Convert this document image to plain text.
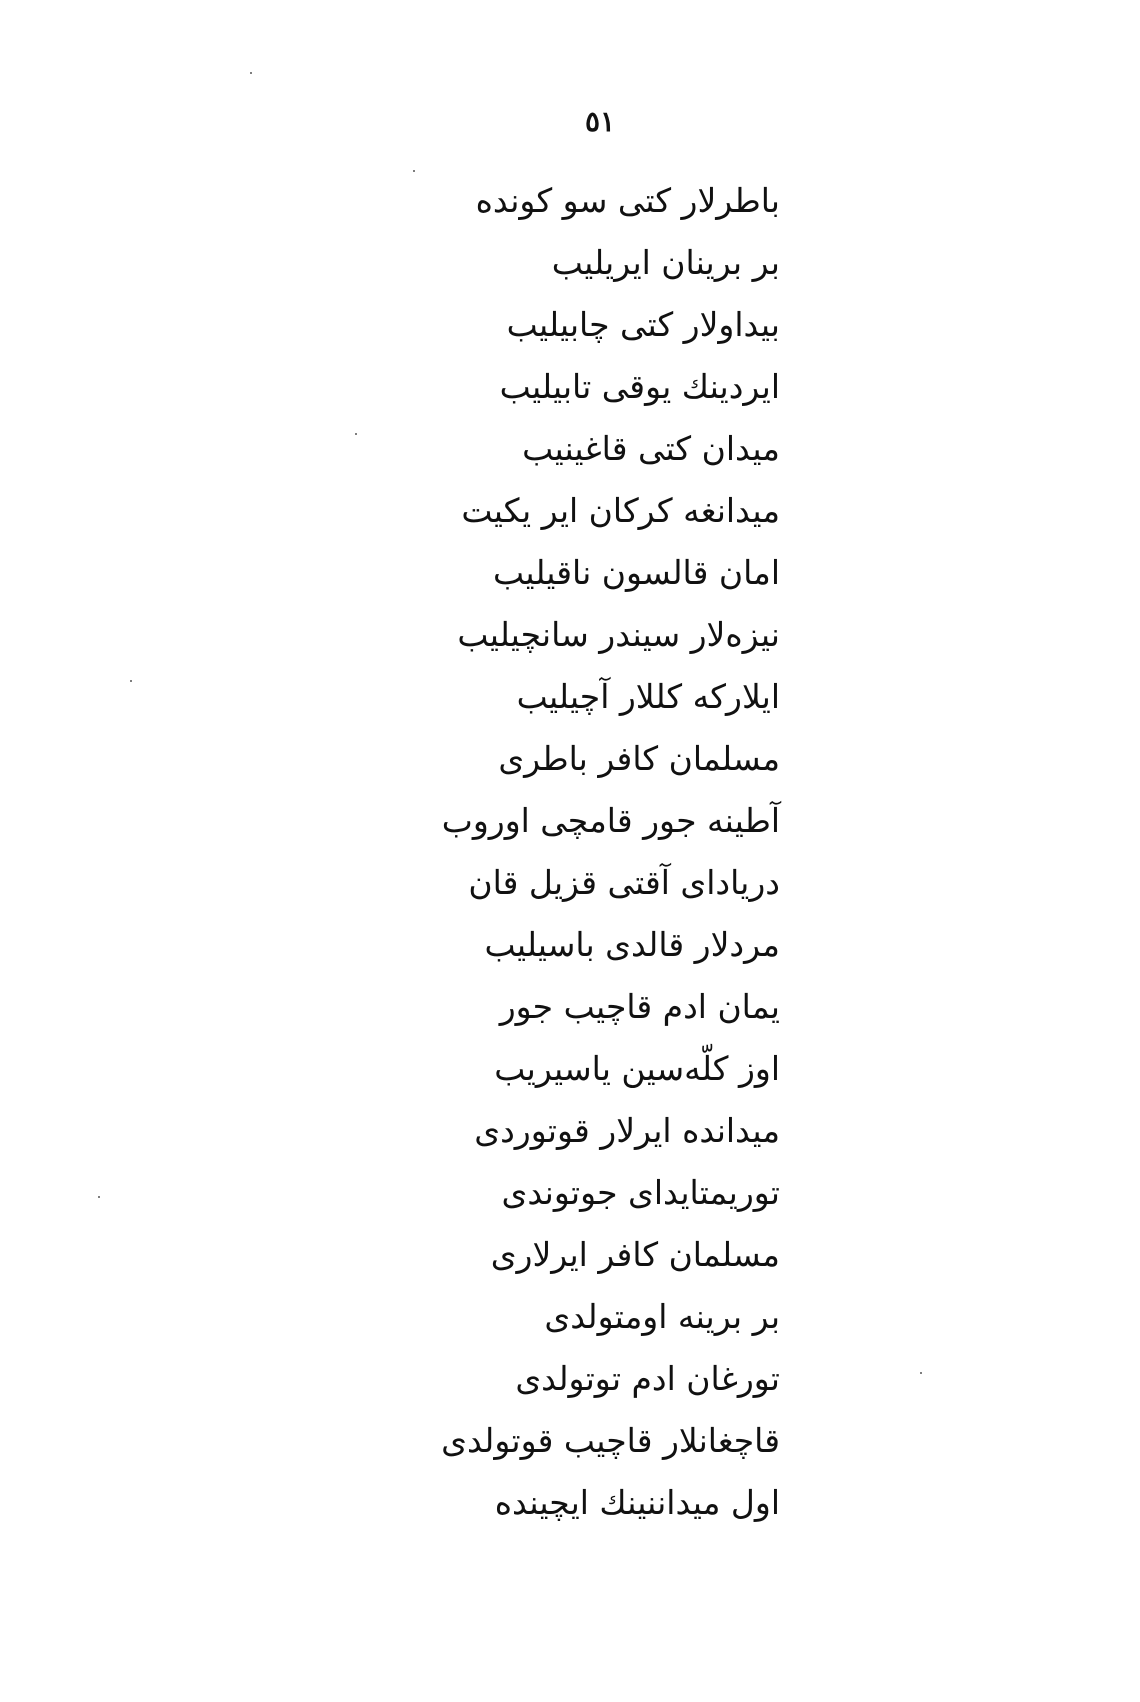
٥١
باطرلار کتی سو کونده
بر برینان ایریلیب
بیداولار کتی چابیلیب
ایردینك یوقی تابیلیب
میدان کتی قاغینیب
میدانغه کرکان ایر یکیت
امان قالسون ناقیلیب
نیزه‌لار سیندر سانچیلیب
ایلارکه کللار آچیلیب
مسلمان کافر باطری
آطینه جور قامچی اوروب
دریادای آقتی قزیل قان
مردلار قالدی باسیلیب
یمان ادم قاچیب جور
اوز کلّه‌سین یاسیریب
میدانده ایرلار قوتوردی
توریمتایدای جوتوندی
مسلمان کافر ایرلاری
بر برینه اومتولدی
تورغان ادم توتولدی
قاچغانلار قاچیب قوتولدی
اول میداننینك ایچینده
